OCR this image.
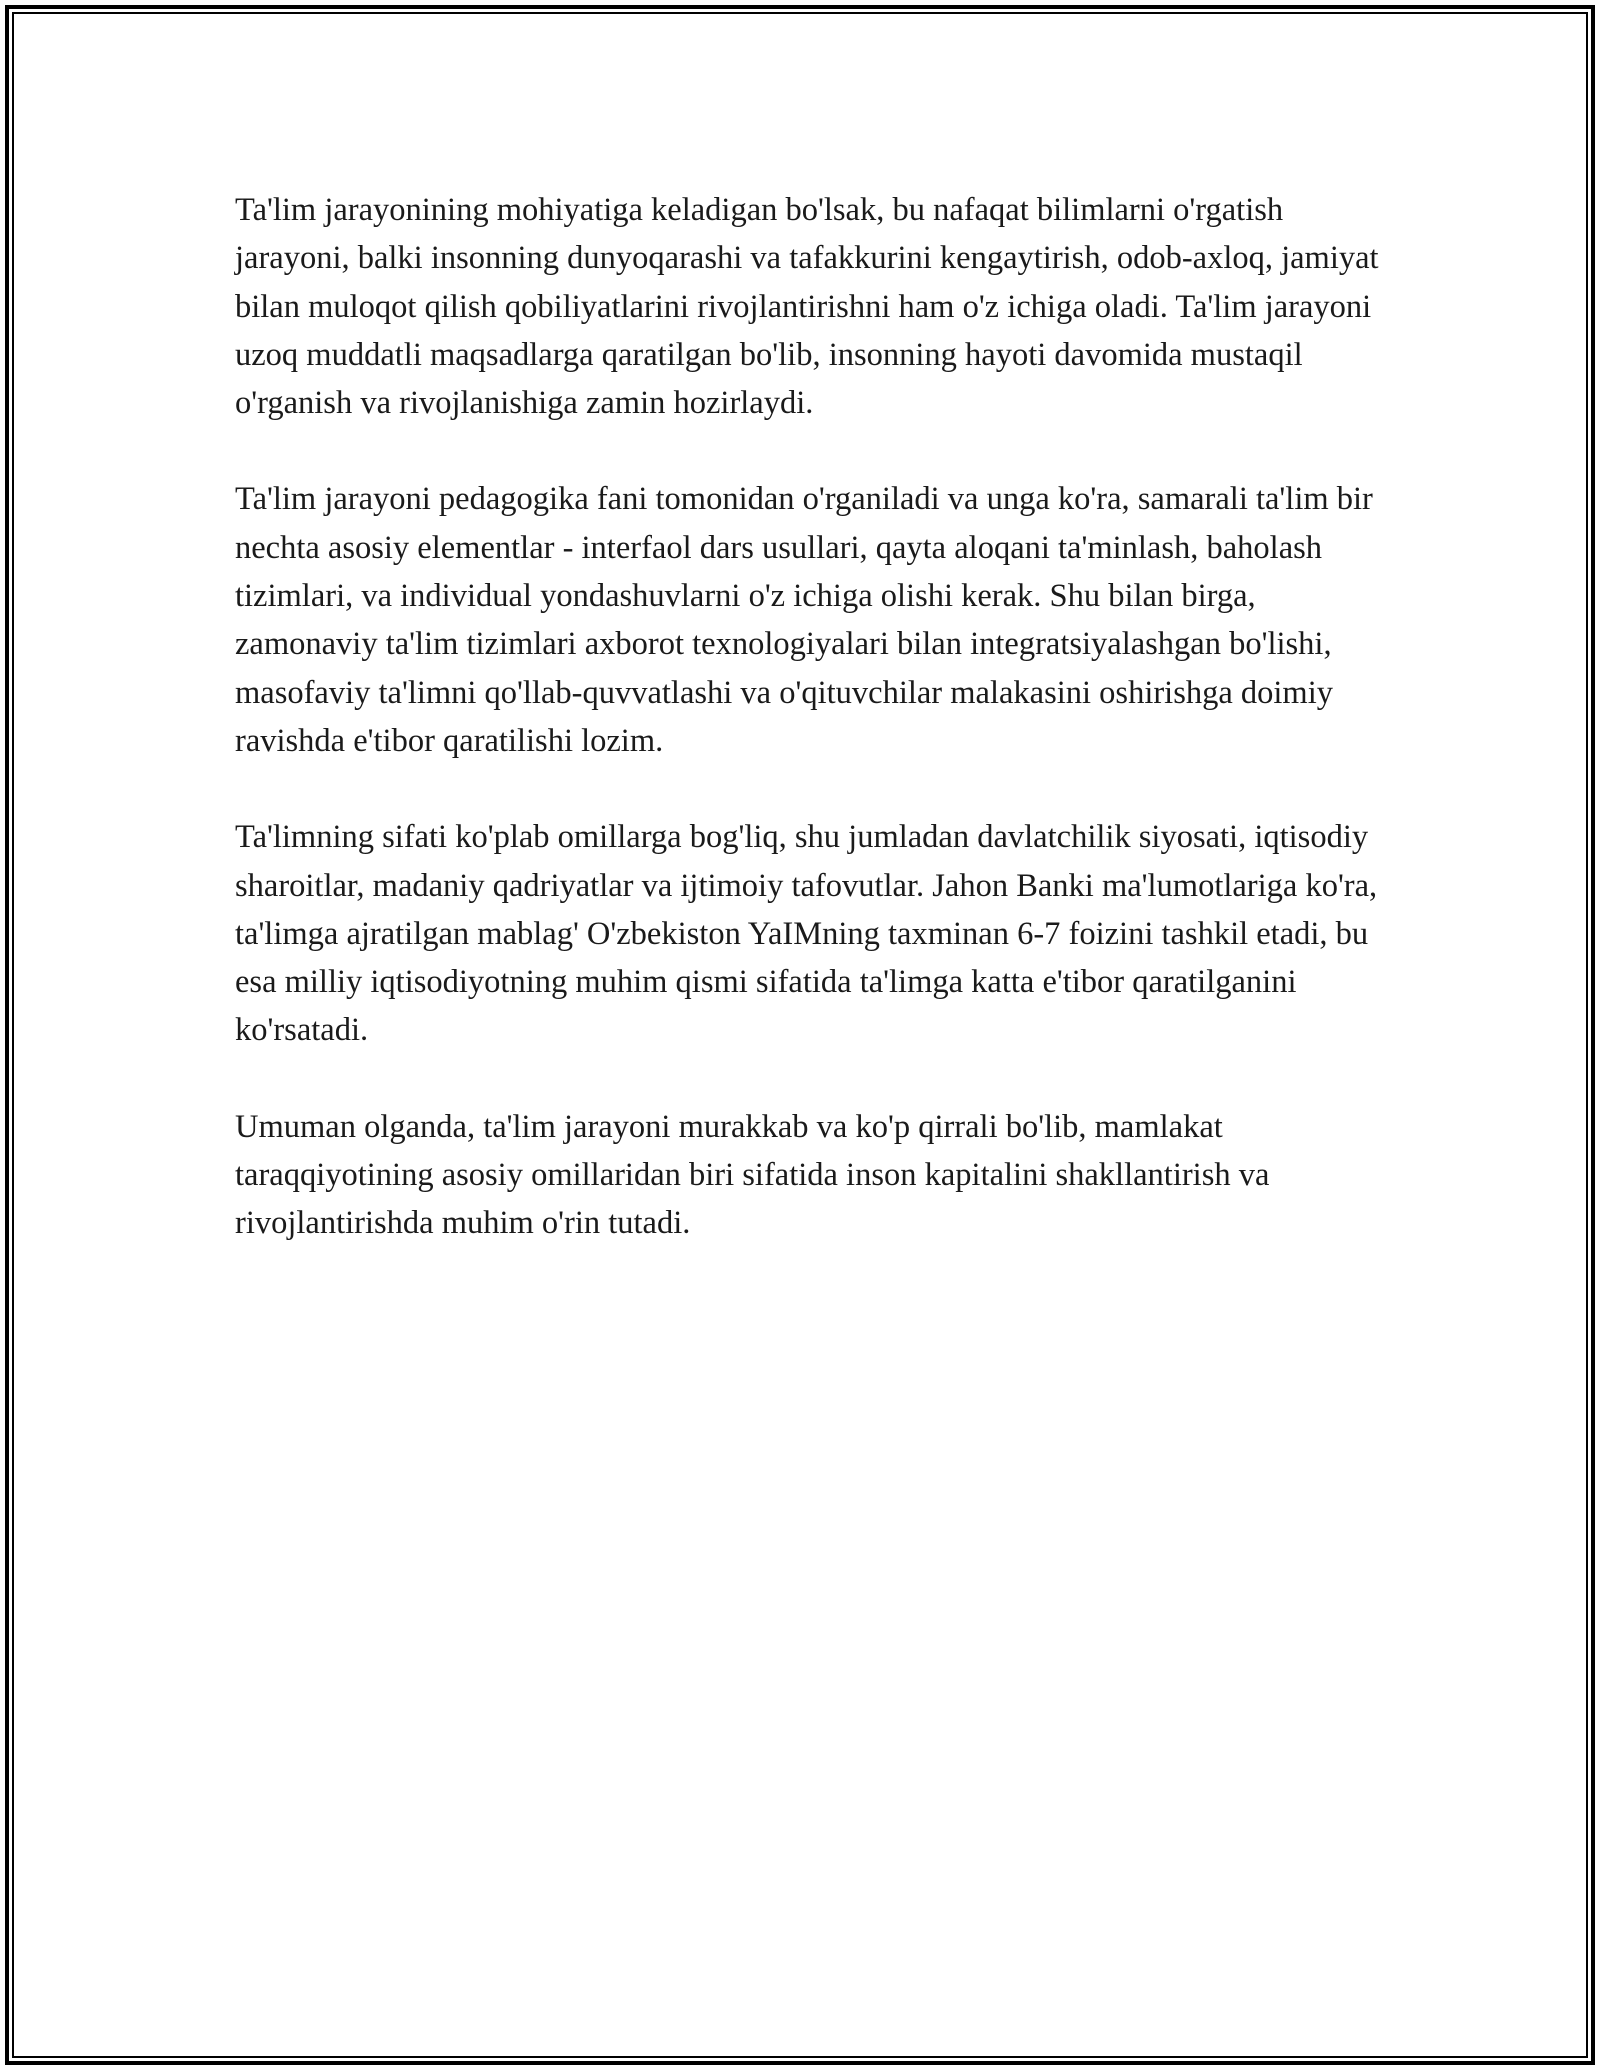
Ta'lim jarayonining mohiyatiga keladigan bo'lsak, bu nafaqat bilimlarni o'rgatish jarayoni, balki insonning dunyoqarashi va tafakkurini kengaytirish, odob-axloq, jamiyat bilan muloqot qilish qobiliyatlarini rivojlantirishni ham o'z ichiga oladi. Ta'lim jarayoni uzoq muddatli maqsadlarga qaratilgan bo'lib, insonning hayoti davomida mustaqil o'rganish va rivojlanishiga zamin hozirlaydi.

Ta'lim jarayoni pedagogika fani tomonidan o'rganiladi va unga ko'ra, samarali ta'lim bir nechta asosiy elementlar - interfaol dars usullari, qayta aloqani ta'minlash, baholash tizimlari, va individual yondashuvlarni o'z ichiga olishi kerak. Shu bilan birga, zamonaviy ta'lim tizimlari axborot texnologiyalari bilan integratsiyalashgan bo'lishi, masofaviy ta'limni qo'llab-quvvatlashi va o'qituvchilar malakasini oshirishga doimiy ravishda e'tibor qaratilishi lozim.

Ta'limning sifati ko'plab omillarga bog'liq, shu jumladan davlatchilik siyosati, iqtisodiy sharoitlar, madaniy qadriyatlar va ijtimoiy tafovutlar. Jahon Banki ma'lumotlariga ko'ra, ta'limga ajratilgan mablag' O'zbekiston YaIMning taxminan 6-7 foizini tashkil etadi, bu esa milliy iqtisodiyotning muhim qismi sifatida ta'limga katta e'tibor qaratilganini ko'rsatadi.

Umuman olganda, ta'lim jarayoni murakkab va ko'p qirrali bo'lib, mamlakat taraqqiyotining asosiy omillaridan biri sifatida inson kapitalini shakllantirish va rivojlantirishda muhim o'rin tutadi.
